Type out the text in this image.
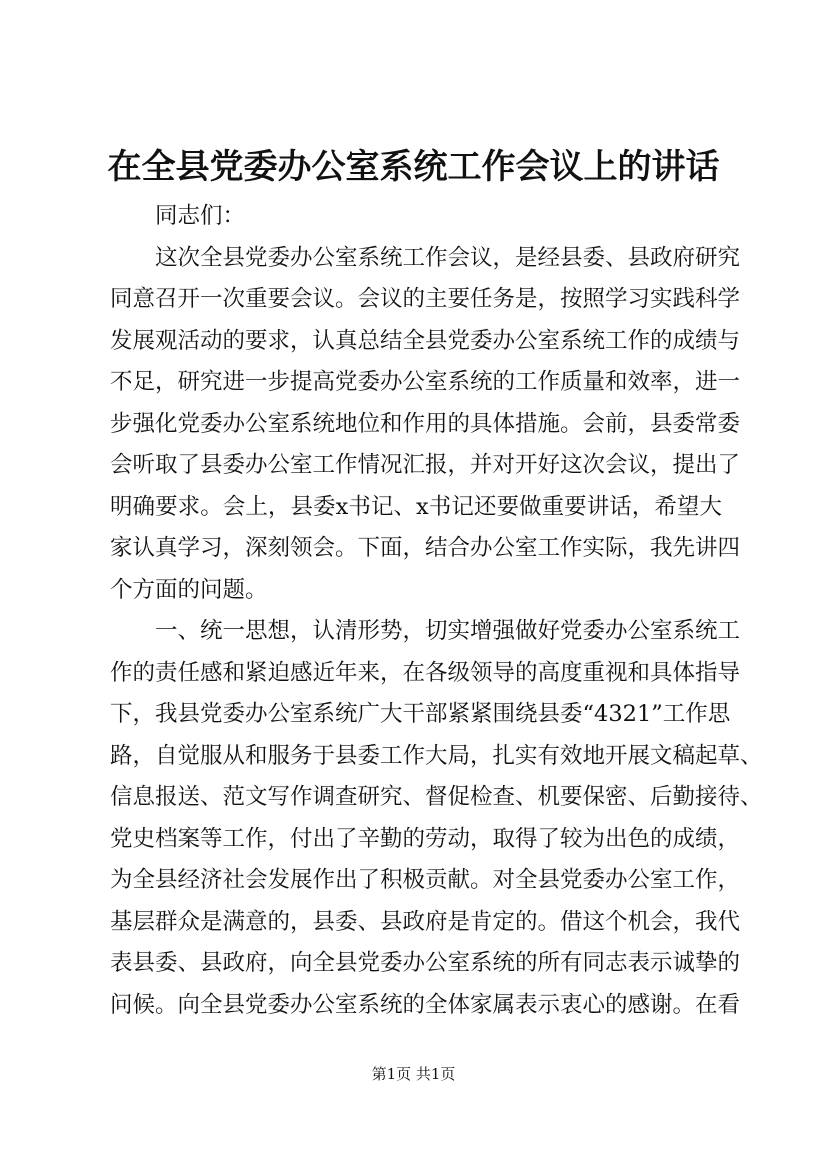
在全县党委办公室系统工作会议上的讲话
同志们：
这次全县党委办公室系统工作会议，是经县委、县政府研究
同意召开一次重要会议。会议的主要任务是，按照学习实践科学
发展观活动的要求，认真总结全县党委办公室系统工作的成绩与
不足，研究进一步提高党委办公室系统的工作质量和效率，进一
步强化党委办公室系统地位和作用的具体措施。会前，县委常委
会听取了县委办公室工作情况汇报，并对开好这次会议，提出了
明确要求。会上，县委x书记、x书记还要做重要讲话，希望大
家认真学习，深刻领会。下面，结合办公室工作实际，我先讲四
个方面的问题。
一、统一思想，认清形势，切实增强做好党委办公室系统工
作的责任感和紧迫感近年来，在各级领导的高度重视和具体指导
下，我县党委办公室系统广大干部紧紧围绕县委“4321”工作思
路，自觉服从和服务于县委工作大局，扎实有效地开展文稿起草、
信息报送、范文写作调查研究、督促检查、机要保密、后勤接待、
党史档案等工作，付出了辛勤的劳动，取得了较为出色的成绩，
为全县经济社会发展作出了积极贡献。对全县党委办公室工作，
基层群众是满意的，县委、县政府是肯定的。借这个机会，我代
表县委、县政府，向全县党委办公室系统的所有同志表示诚挚的
问候。向全县党委办公室系统的全体家属表示衷心的感谢。在看
第1页 共1页
